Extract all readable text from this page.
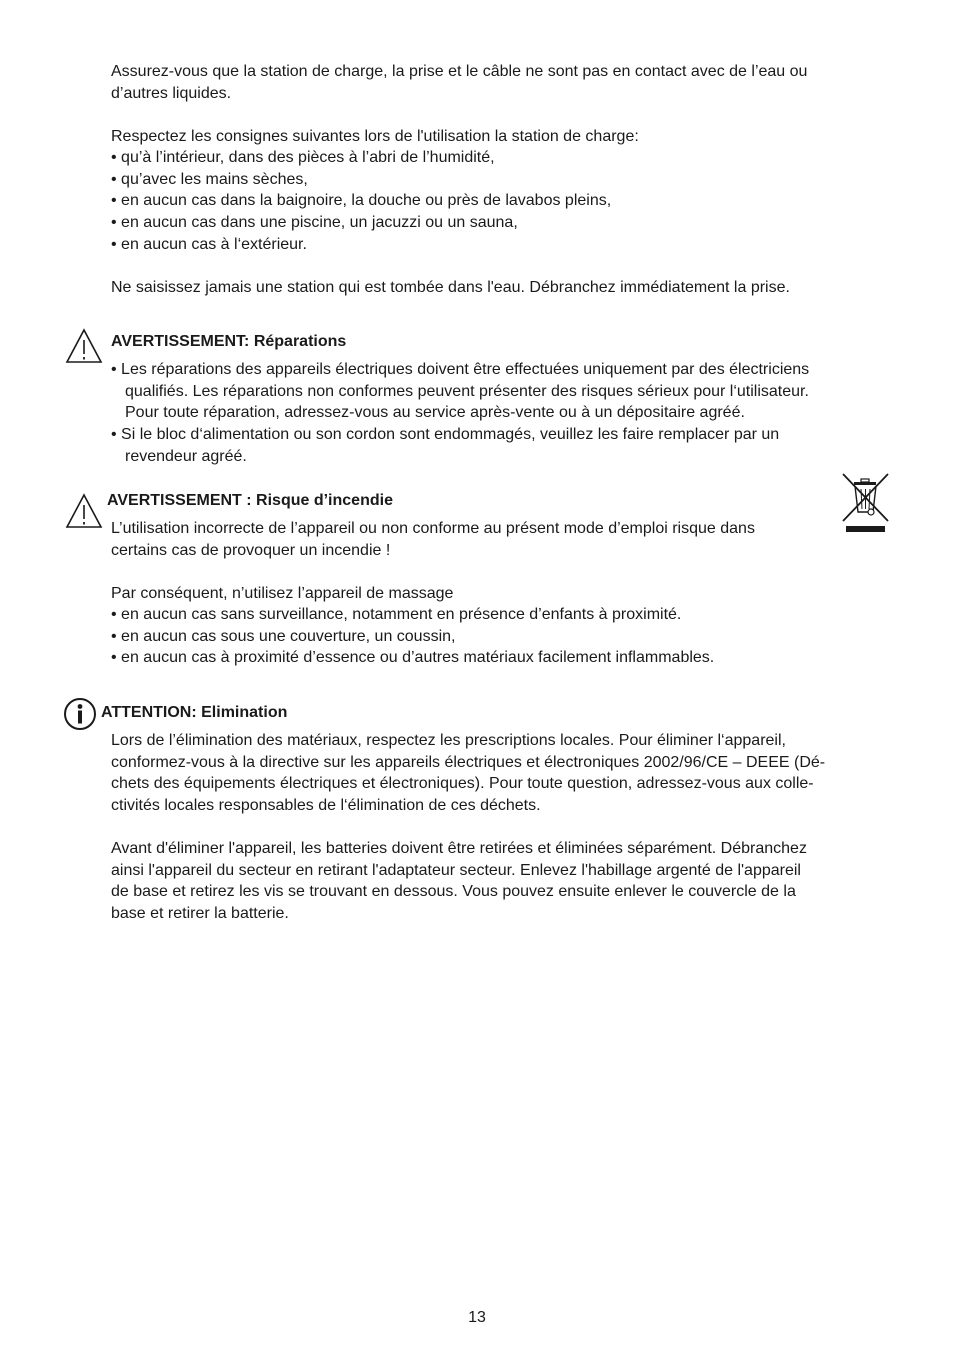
Assurez-vous que la station de charge, la prise et le câble ne sont pas en contact avec de l’eau ou
d’autres liquides.

Respectez les consignes suivantes lors de l'utilisation la station de charge:

• qu’à l’intérieur, dans des pièces à l’abri de l’humidité,
• qu’avec les mains sèches,
• en aucun cas dans la baignoire, la douche ou près de lavabos pleins,
• en aucun cas dans une piscine, un jacuzzi ou un sauna,
• en aucun cas à l‘extérieur.

Ne saisissez jamais une station qui est tombée dans l'eau. Débranchez immédiatement la prise.

AVERTISSEMENT: Réparations
• Les réparations des appareils électriques doivent être effectuées uniquement par des électriciens
qualifiés. Les réparations non conformes peuvent présenter des risques sérieux pour l‘utilisateur.
Pour toute réparation, adressez-vous au service après-vente ou à un dépositaire agréé.
• Si le bloc d‘alimentation ou son cordon sont endommagés, veuillez les faire remplacer par un
revendeur agréé.
AVERTISSEMENT : Risque d’incendie

L’utilisation incorrecte de l’appareil ou non conforme au présent mode d’emploi risque dans
certains cas de provoquer un incendie !

Par conséquent, n’utilisez l’appareil de massage

• en aucun cas sans surveillance, notamment en présence d’enfants à proximité.
• en aucun cas sous une couverture, un coussin,
• en aucun cas à proximité d’essence ou d’autres matériaux facilement inflammables.
ATTENTION: Elimination

Lors de l’élimination des matériaux, respectez les prescriptions locales. Pour éliminer l‘appareil,
conformez-vous à la directive sur les appareils électriques et électroniques 2002/96/CE – DEEE (Dé-
chets des équipements électriques et électroniques). Pour toute question, adressez-vous aux colle-
ctivités locales responsables de l‘élimination de ces déchets.

Avant d'éliminer l'appareil, les batteries doivent être retirées et éliminées séparément. Débranchez
ainsi l'appareil du secteur en retirant l'adaptateur secteur. Enlevez l'habillage argenté de l'appareil
de base et retirez les vis se trouvant en dessous. Vous pouvez ensuite enlever le couvercle de la
base et retirer la batterie.

13
